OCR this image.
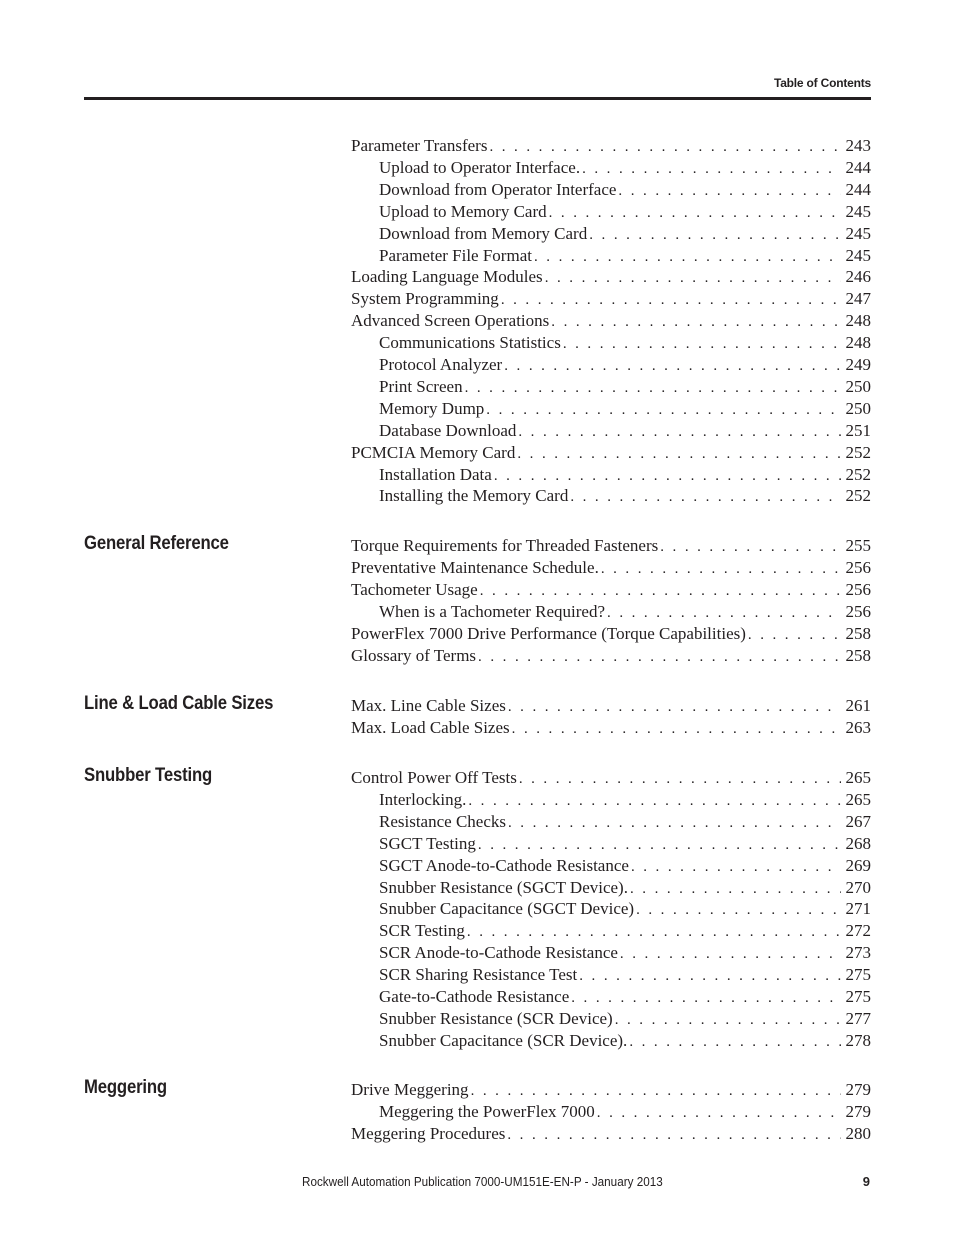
Table of Contents
Parameter Transfers . . .	243
Upload to Operator Interface. . . .	244
Download from Operator Interface . . .	244
Upload to Memory Card . . .	245
Download from Memory Card . . .	245
Parameter File Format . . .	245
Loading Language Modules . . .	246
System Programming . . .	247
Advanced Screen Operations . . .	248
Communications Statistics . . .	248
Protocol Analyzer . . .	249
Print Screen . . .	250
Memory Dump . . .	250
Database Download . . .	251
PCMCIA Memory Card . . .	252
Installation Data . . .	252
Installing the Memory Card . . .	252
General Reference	Torque Requirements for Threaded Fasteners . . .	255
Preventative Maintenance Schedule. . . .	256
Tachometer Usage . . .	256
When is a Tachometer Required? . . .	256
PowerFlex 7000 Drive Performance (Torque Capabilities) . . .	258
Glossary of Terms . . .	258
Line & Load Cable Sizes	Max. Line Cable Sizes . . .	261
Max. Load Cable Sizes . . .	263
Snubber Testing	Control Power Off Tests . . .	265
Interlocking. . . .	265
Resistance Checks . . .	267
SGCT Testing . . .	268
SGCT Anode-to-Cathode Resistance . . .	269
Snubber Resistance (SGCT Device). . . .	270
Snubber Capacitance (SGCT Device) . . .	271
SCR Testing . . .	272
SCR Anode-to-Cathode Resistance . . .	273
SCR Sharing Resistance Test . . .	275
Gate-to-Cathode Resistance . . .	275
Snubber Resistance (SCR Device) . . .	277
Snubber Capacitance (SCR Device). . . .	278
Meggering	Drive Meggering . . .	279
Meggering the PowerFlex 7000 . . .	279
Meggering Procedures . . .	280
Rockwell Automation Publication 7000-UM151E-EN-P - January 2013	9
